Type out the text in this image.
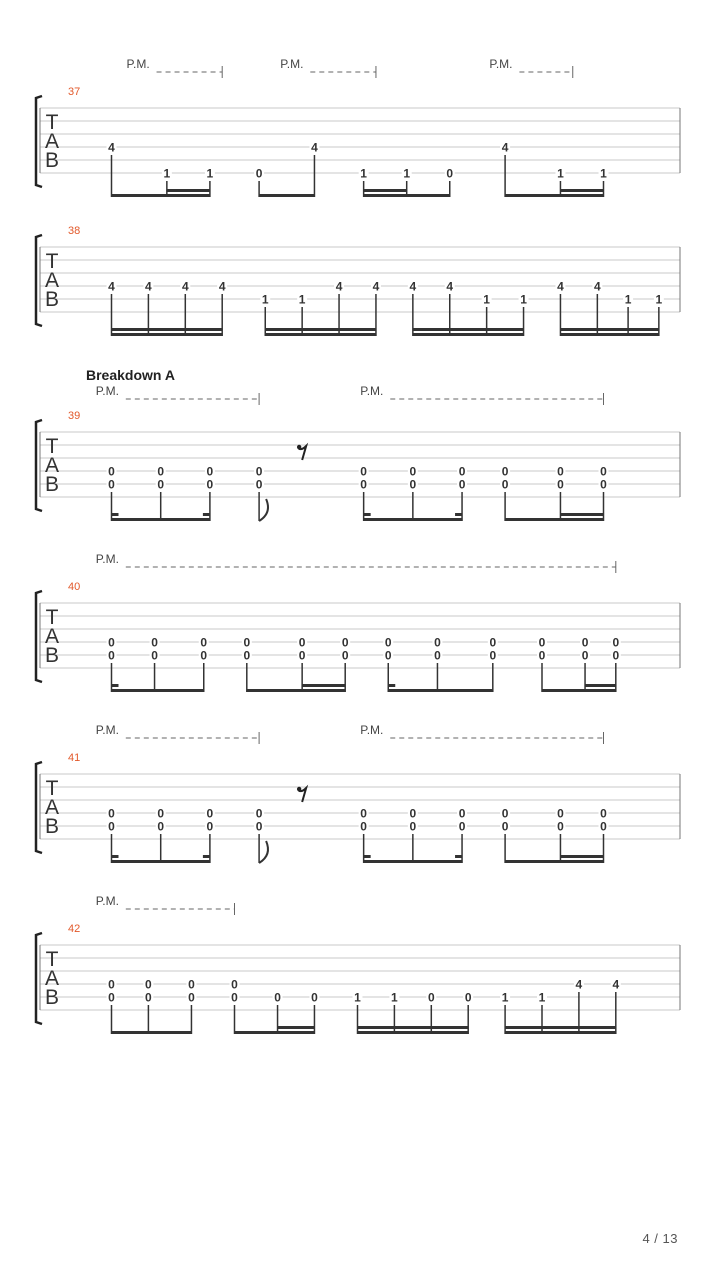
T
A
B
37
P.M.	P.M.	P.M.
4
1	1	0
4
1	1	0
4
1	1
T
A
B
38
4	4	4	4
1	1
4	4	4	4
1	1
4	4
1 1
T
A
B
39
Breakdown A
P.M.	P.M.
0
0
0
0
0
0
0
0
0
0
0
0
0
0
0
0
0
0
0
0
T
A
B
40
P.M.
0
0
0
0
0
0
0
0
0
0
0
0
0
0
0
0
0
0
0
0
0
0
0
0
T
A
B
41
P.M.	P.M.
0
0
0
0
0
0
0
0
0
0
0
0
0
0
0
0
0
0
0
0
T
A
B
42
P.M.
0
0
0
0
0
0
0
0	0	0	1	1	0	0	1	1
4	4
4 / 13
